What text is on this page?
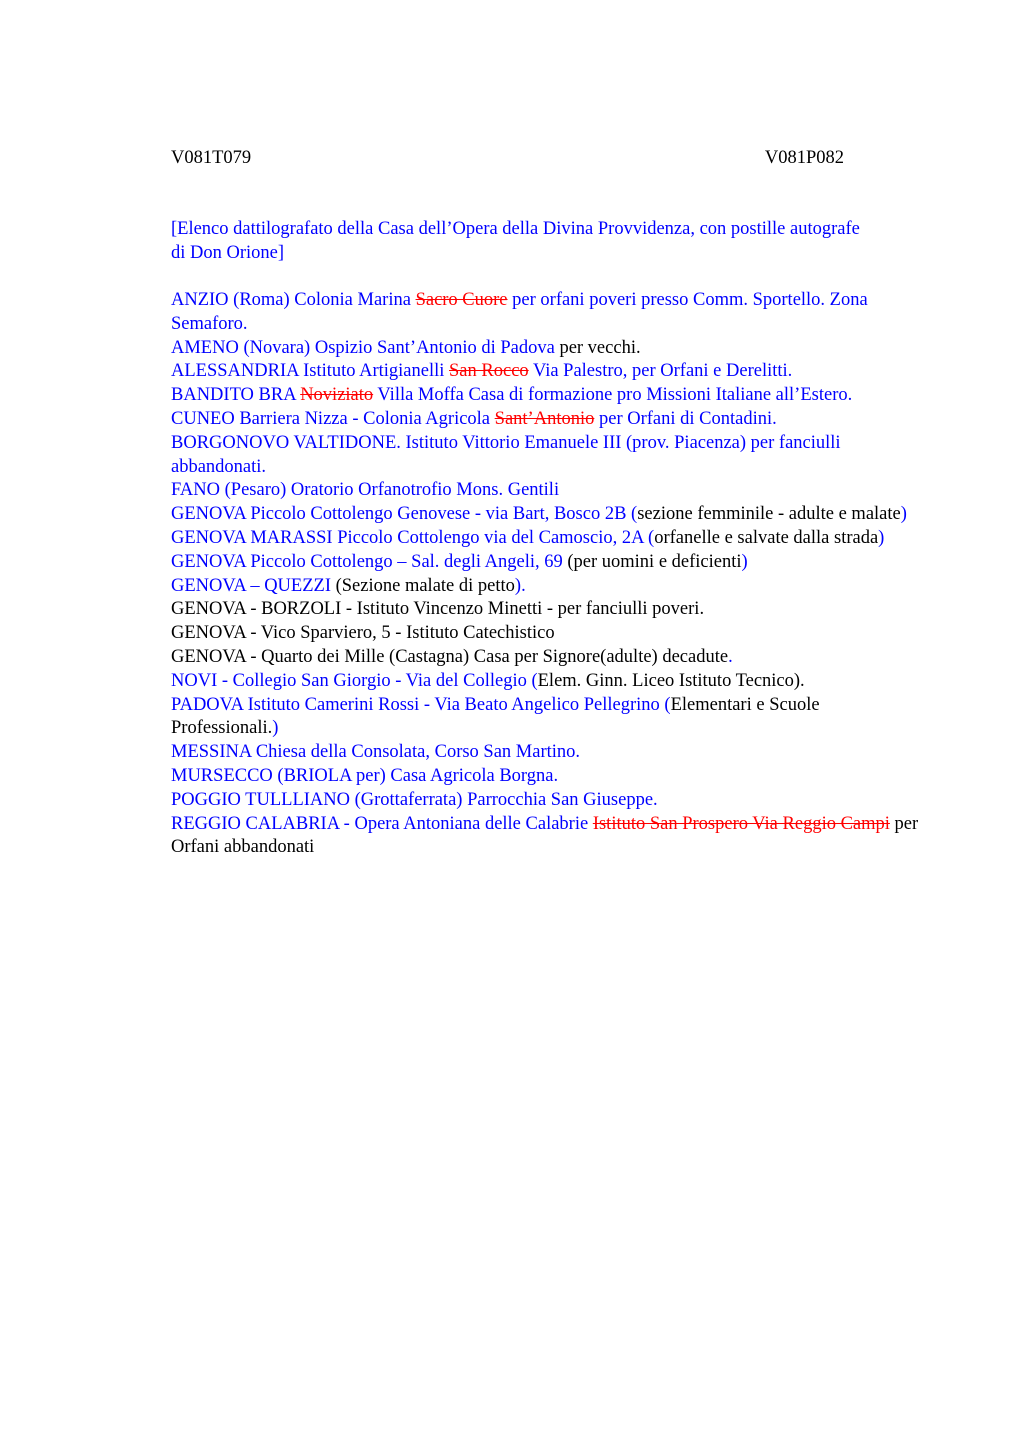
V081T079	V081P082
[Elenco dattilografato della Casa dell’Opera della Divina Provvidenza, con postille autografe di Don Orione]

ANZIO (Roma) Colonia Marina Sacro Cuore per orfani poveri presso Comm. Sportello. Zona Semaforo.

AMENO (Novara) Ospizio Sant’Antonio di Padova per vecchi.

ALESSANDRIA Istituto Artigianelli San Rocco Via Palestro, per Orfani e Derelitti.

BANDITO BRA Noviziato Villa Moffa Casa di formazione pro Missioni Italiane all’Estero.

CUNEO Barriera Nizza - Colonia Agricola Sant’Antonio per Orfani di Contadini.

BORGONOVO VALTIDONE. Istituto Vittorio Emanuele III (prov. Piacenza) per fanciulli abbandonati.

FANO (Pesaro) Oratorio Orfanotrofio Mons. Gentili

GENOVA Piccolo Cottolengo Genovese - via Bart, Bosco 2B (sezione femminile - adulte e malate)

GENOVA MARASSI Piccolo Cottolengo via del Camoscio, 2A (orfanelle e salvate dalla strada)

GENOVA Piccolo Cottolengo – Sal. degli Angeli, 69 (per uomini e deficienti)

GENOVA – QUEZZI (Sezione malate di petto).

GENOVA - BORZOLI - Istituto Vincenzo Minetti - per fanciulli poveri.

GENOVA - Vico Sparviero, 5 - Istituto Catechistico

GENOVA - Quarto dei Mille (Castagna) Casa per Signore(adulte) decadute.

NOVI - Collegio San Giorgio - Via del Collegio (Elem. Ginn. Liceo Istituto Tecnico).

PADOVA Istituto Camerini Rossi - Via Beato Angelico Pellegrino (Elementari e Scuole Professionali.)

MESSINA Chiesa della Consolata, Corso San Martino.

MURSECCO (BRIOLA per) Casa Agricola Borgna.

POGGIO TULLLIANO (Grottaferrata) Parrocchia San Giuseppe.

REGGIO CALABRIA - Opera Antoniana delle Calabrie Istituto San Prospero Via Reggio Campi per Orfani abbandonati
